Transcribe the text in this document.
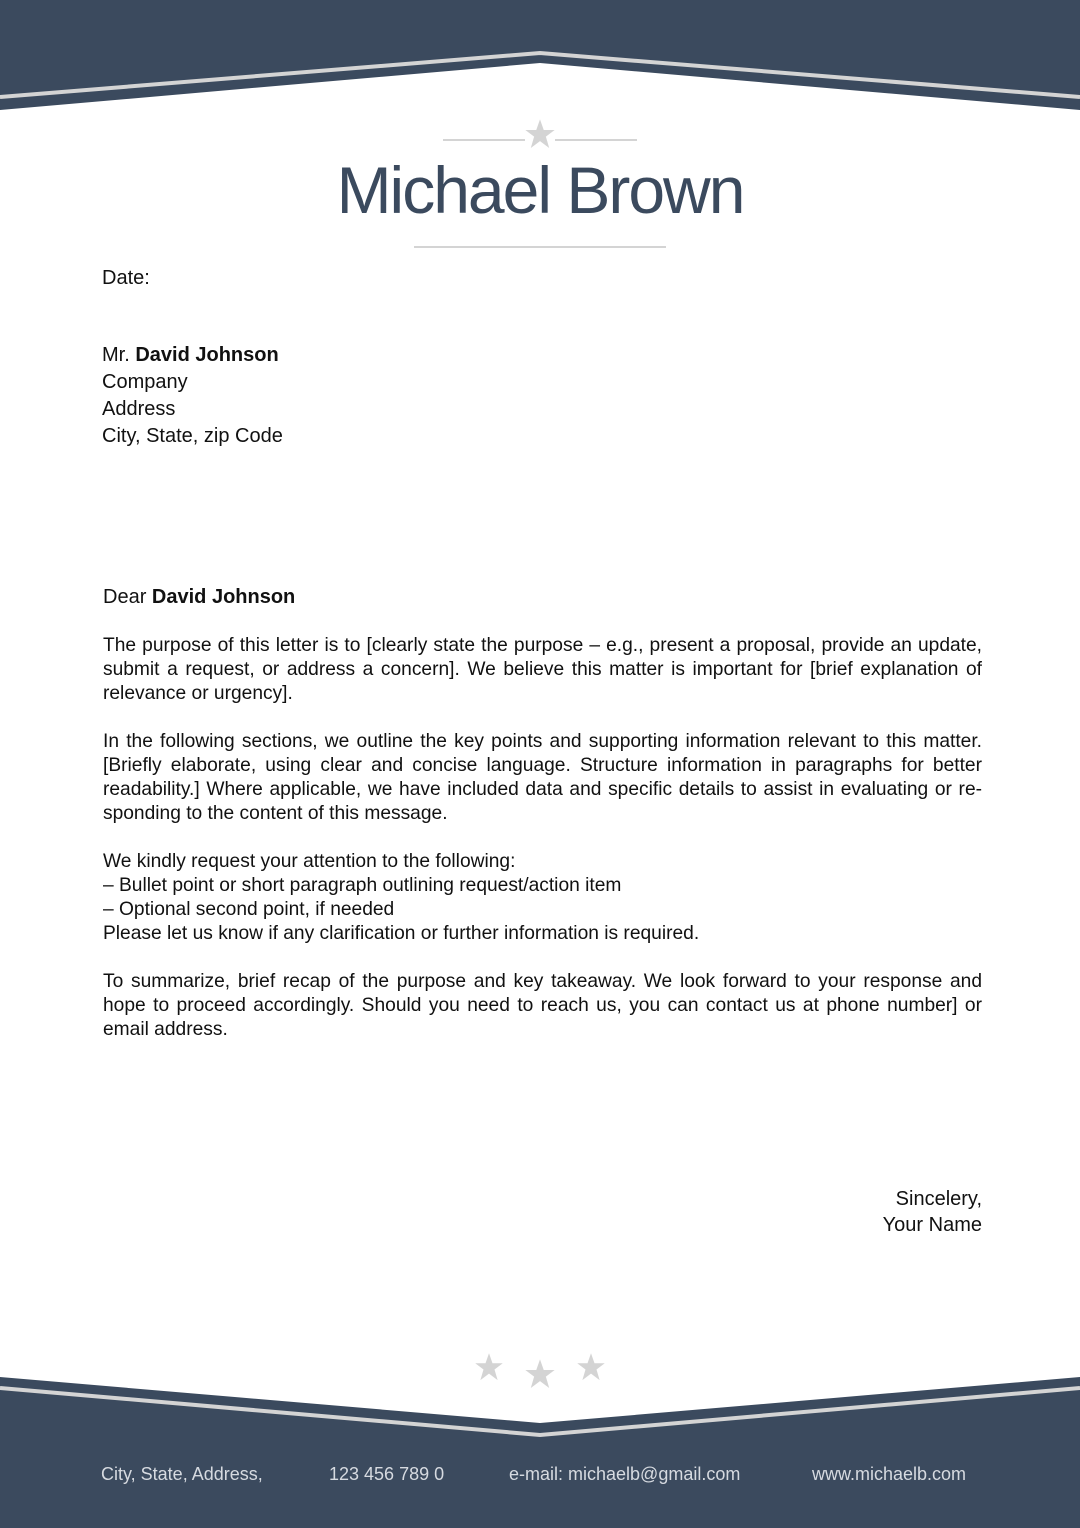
Michael Brown
Date:
Mr. David Johnson
Company
Address
City, State, zip Code
Dear David Johnson
The purpose of this letter is to [clearly state the purpose – e.g., present a proposal, provide an update, submit a request, or address a concern]. We believe this matter is important for [brief explanation of relevance or urgency].
In the following sections, we outline the key points and supporting information relevant to this matter. [Briefly elaborate, using clear and concise language. Structure information in paragraphs for better readability.] Where applicable, we have included data and specific details to assist in evaluating or responding to the content of this message.
We kindly request your attention to the following:
– Bullet point or short paragraph outlining request/action item
– Optional second point, if needed
Please let us know if any clarification or further information is required.
To summarize, brief recap of the purpose and key takeaway. We look forward to your response and hope to proceed accordingly. Should you need to reach us, you can contact us at phone number] or email address.
Sincelery,
Your Name
City, State, Address,	123 456 789 0	e-mail: michaelb@gmail.com	www.michaelb.com
